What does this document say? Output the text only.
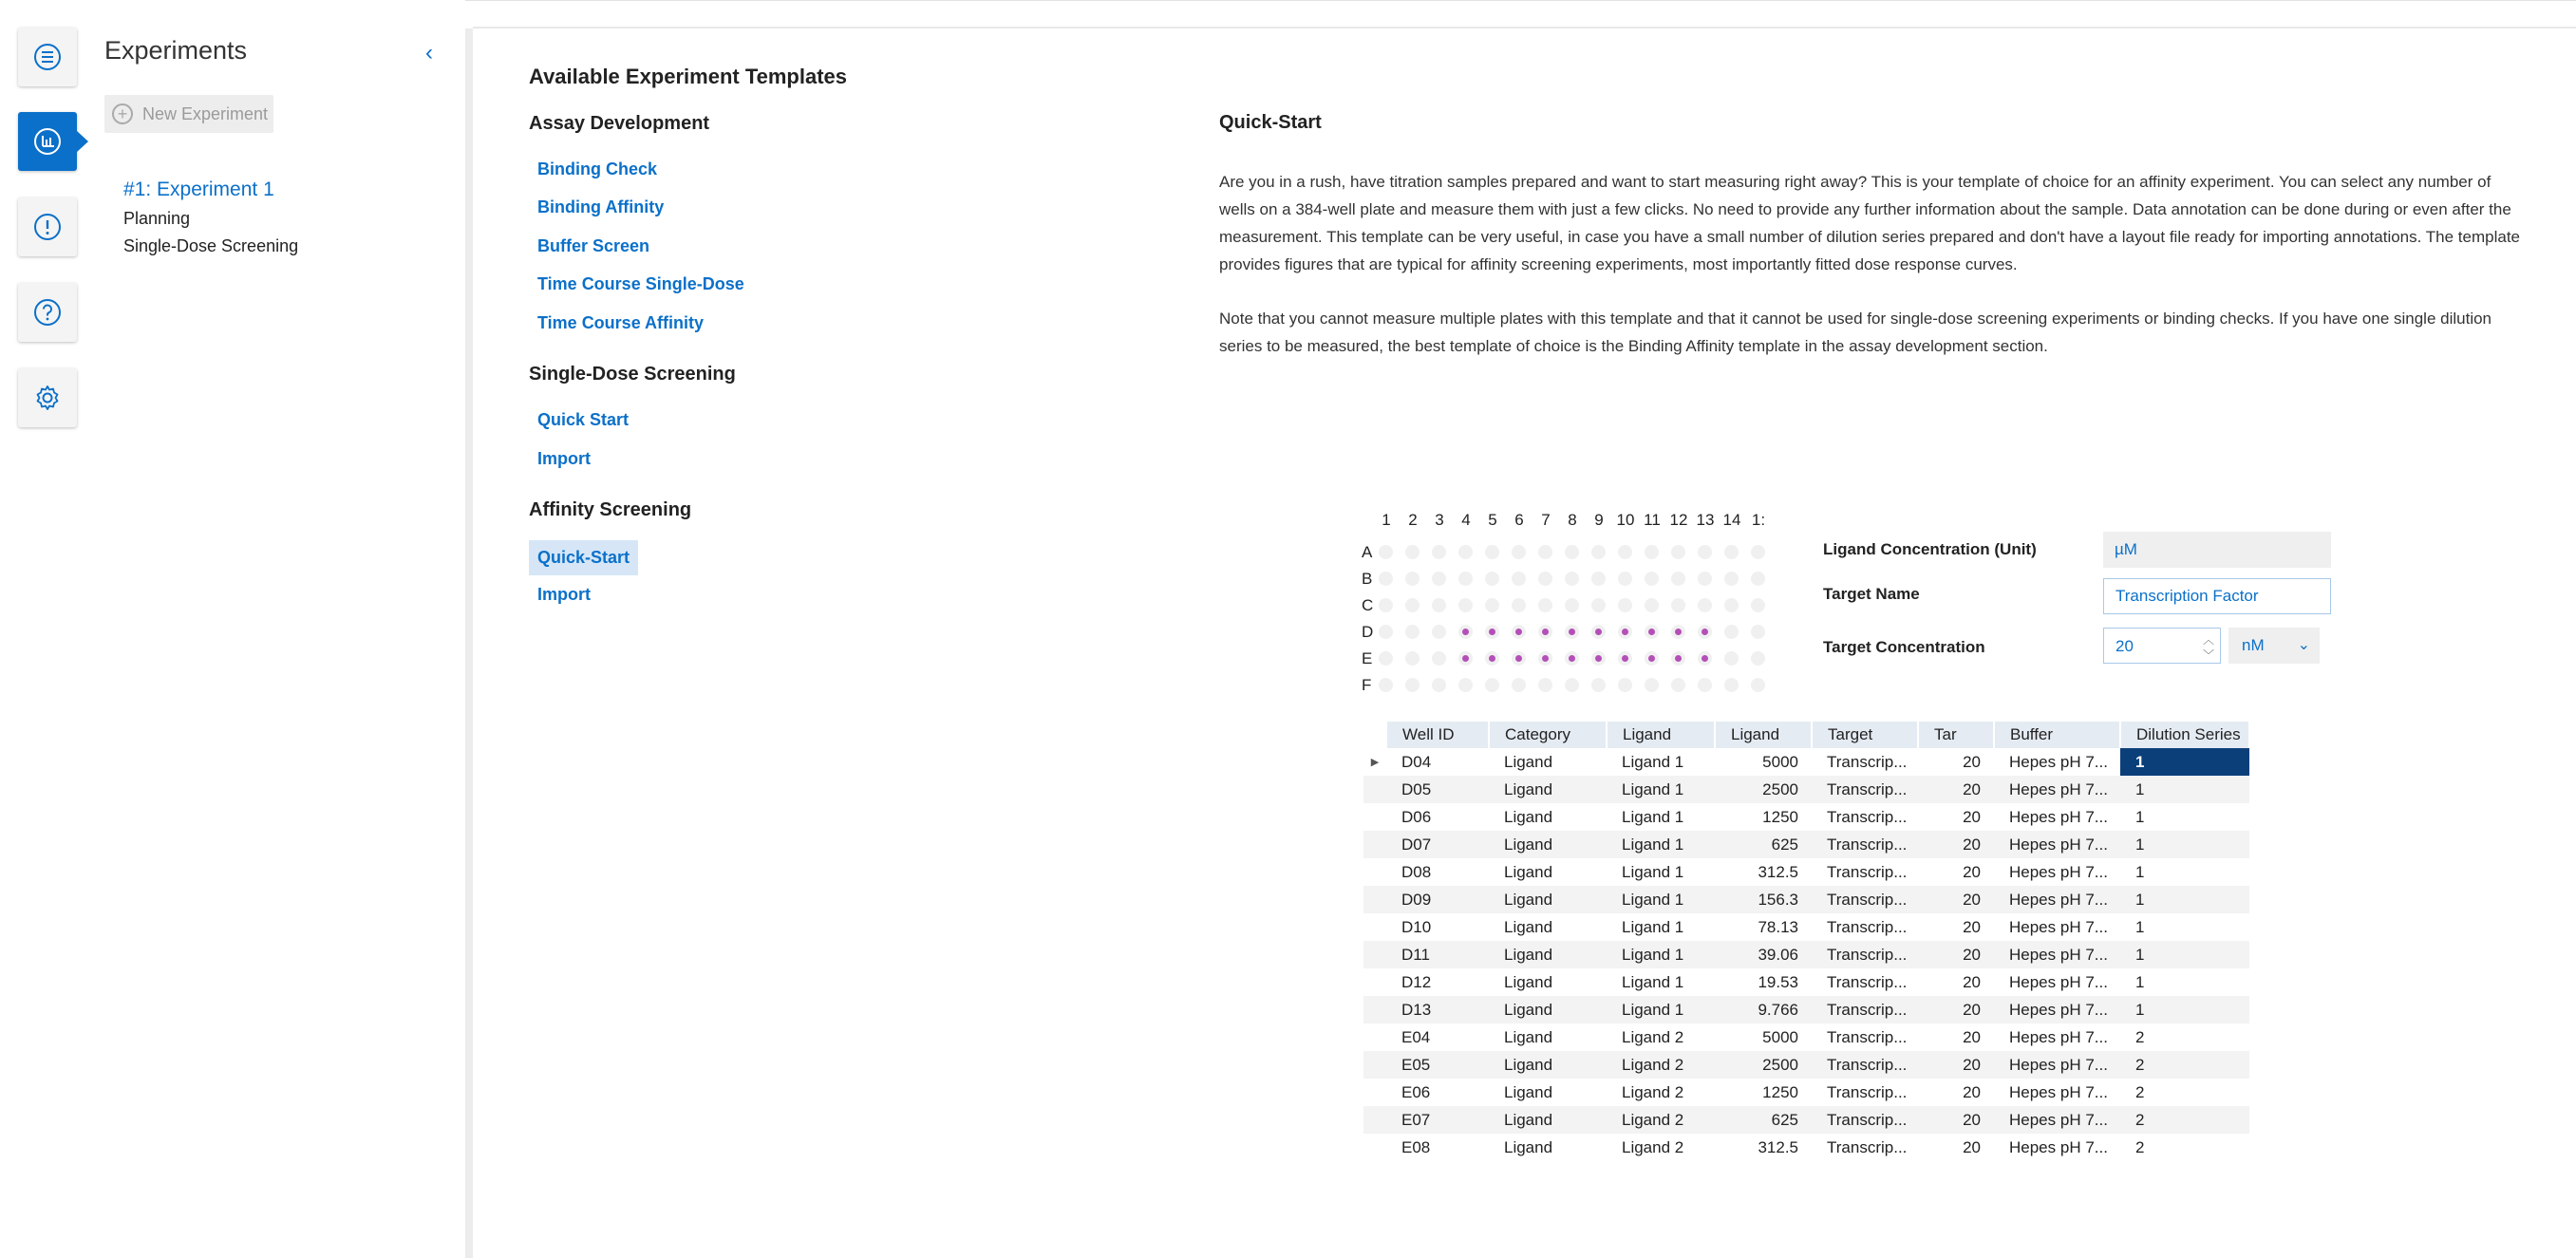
Experiments	‹
+ New Experiment
#1: Experiment 1
Planning
Single-Dose Screening
Available Experiment Templates
Assay Development
Binding Check
Binding Affinity
Buffer Screen
Time Course Single-Dose
Time Course Affinity
Single-Dose Screening
Quick Start
Import
Affinity Screening
Quick-Start
Import
Quick-Start
Are you in a rush, have titration samples prepared and want to start measuring right away? This is your template of choice for an affinity experiment. You can select any number of
wells on a 384-well plate and measure them with just a few clicks. No need to provide any further information about the sample. Data annotation can be done during or even after the
measurement. This template can be very useful, in case you have a small number of dilution series prepared and don't have a layout file ready for importing annotations. The template
provides figures that are typical for affinity screening experiments, most importantly fitted dose response curves.
Note that you cannot measure multiple plates with this template and that it cannot be used for single-dose screening experiments or binding checks. If you have one single dilution
series to be measured, the best template of choice is the Binding Affinity template in the assay development section.
1	2	3	4	5	6	7	8	9 10 11 12 13 14 1:
A
B
C
D
E
F
Ligand Concentration (Unit)	µM
Target Name	Transcription Factor
Target Concentration	20	︿
﹀
nM ⌄
	Well ID	Category	Ligand	Ligand	Target	Tar	Buffer	Dilution Series
▶	D04	Ligand	Ligand 1	5000	Transcrip...	20	Hepes pH 7...	1
	D05	Ligand	Ligand 1	2500	Transcrip...	20	Hepes pH 7...	1
	D06	Ligand	Ligand 1	1250	Transcrip...	20	Hepes pH 7...	1
	D07	Ligand	Ligand 1	625	Transcrip...	20	Hepes pH 7...	1
	D08	Ligand	Ligand 1	312.5	Transcrip...	20	Hepes pH 7...	1
	D09	Ligand	Ligand 1	156.3	Transcrip...	20	Hepes pH 7...	1
	D10	Ligand	Ligand 1	78.13	Transcrip...	20	Hepes pH 7...	1
	D11	Ligand	Ligand 1	39.06	Transcrip...	20	Hepes pH 7...	1
	D12	Ligand	Ligand 1	19.53	Transcrip...	20	Hepes pH 7...	1
	D13	Ligand	Ligand 1	9.766	Transcrip...	20	Hepes pH 7...	1
	E04	Ligand	Ligand 2	5000	Transcrip...	20	Hepes pH 7...	2
	E05	Ligand	Ligand 2	2500	Transcrip...	20	Hepes pH 7...	2
	E06	Ligand	Ligand 2	1250	Transcrip...	20	Hepes pH 7...	2
	E07	Ligand	Ligand 2	625	Transcrip...	20	Hepes pH 7...	2
	E08	Ligand	Ligand 2	312.5	Transcrip...	20	Hepes pH 7...	2
